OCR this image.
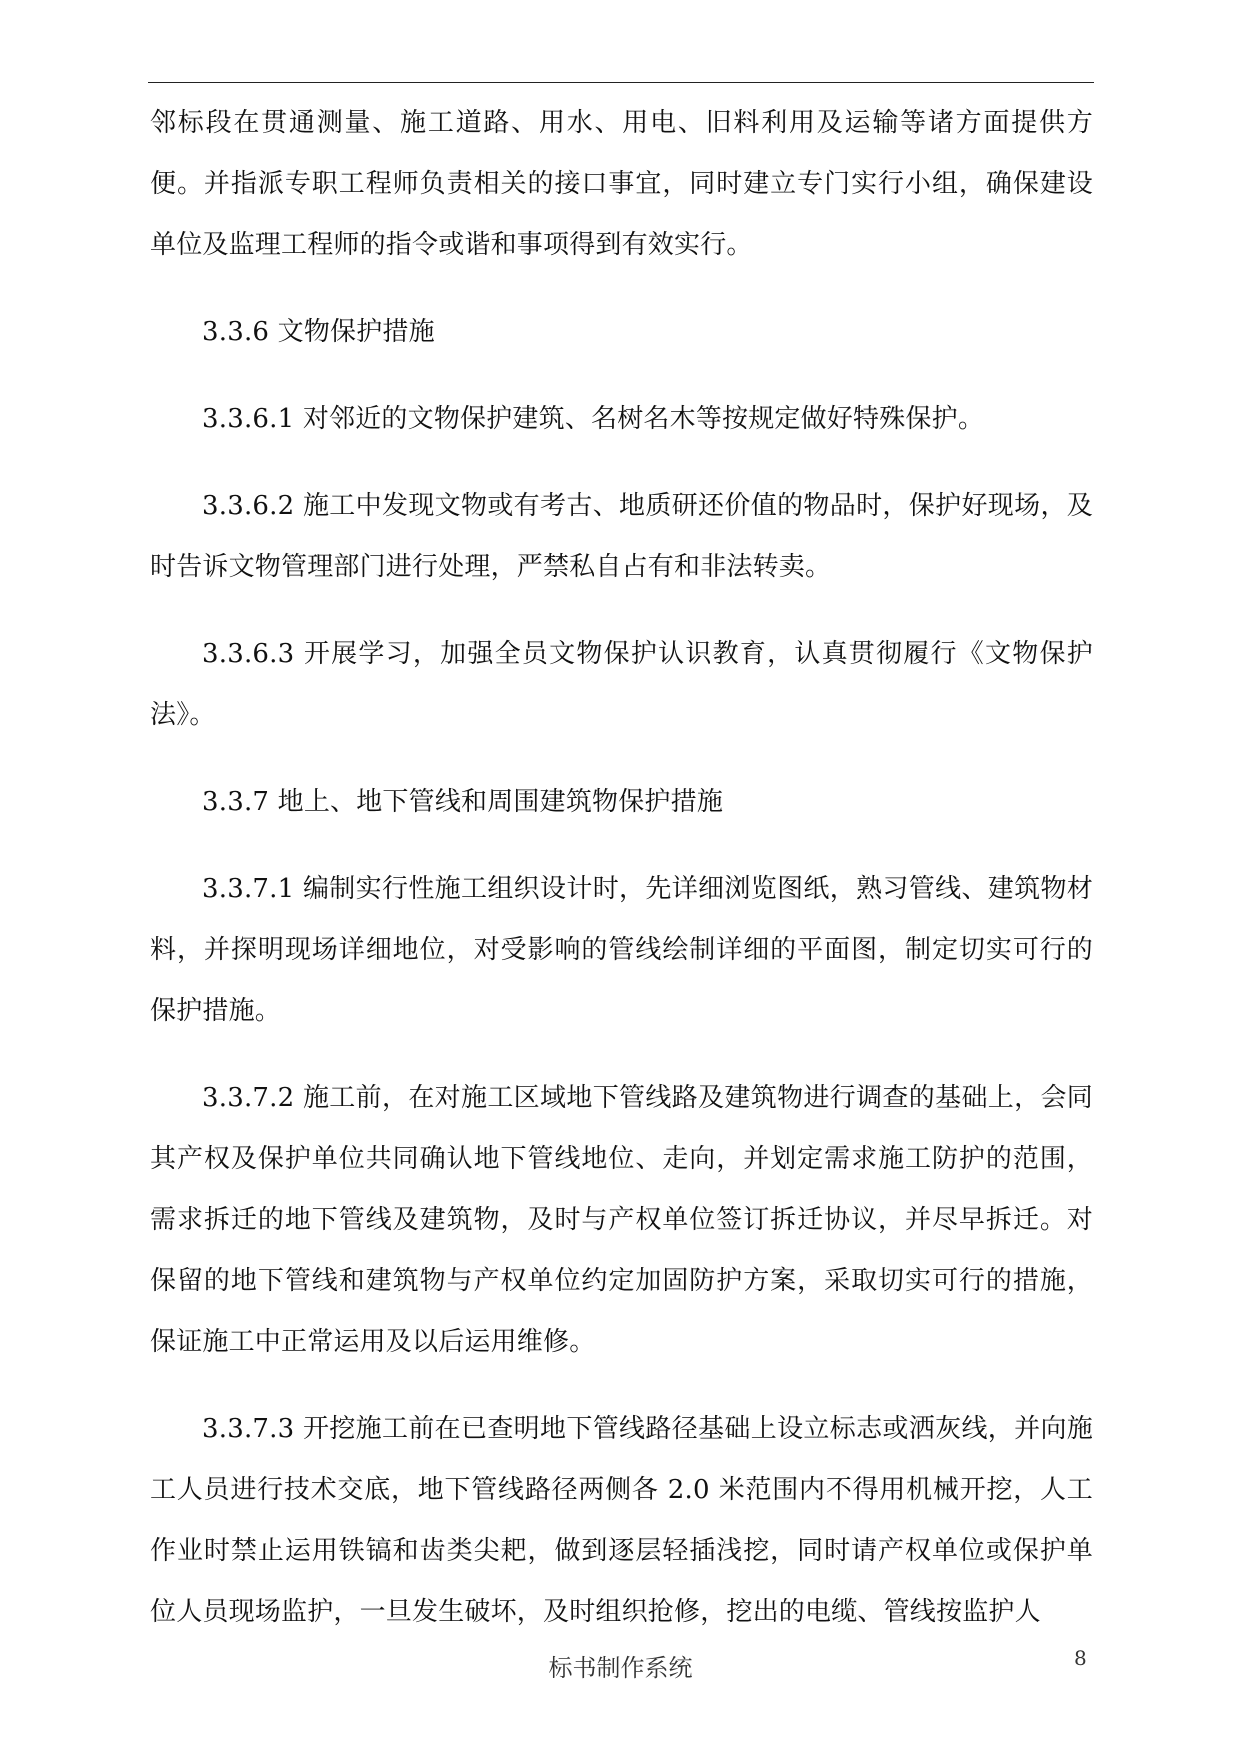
邻标段在贯通测量、施工道路、用水、用电、旧料利用及运输等诸方面提供方便。并指派专职工程师负责相关的接口事宜，同时建立专门实行小组，确保建设单位及监理工程师的指令或谐和事项得到有效实行。

3.3.6 文物保护措施

3.3.6.1 对邻近的文物保护建筑、名树名木等按规定做好特殊保护。

3.3.6.2 施工中发现文物或有考古、地质研还价值的物品时，保护好现场，及时告诉文物管理部门进行处理，严禁私自占有和非法转卖。

3.3.6.3 开展学习，加强全员文物保护认识教育，认真贯彻履行《文物保护法》。

3.3.7 地上、地下管线和周围建筑物保护措施

3.3.7.1 编制实行性施工组织设计时，先详细浏览图纸，熟习管线、建筑物材料，并探明现场详细地位，对受影响的管线绘制详细的平面图，制定切实可行的保护措施。

3.3.7.2 施工前，在对施工区域地下管线路及建筑物进行调查的基础上，会同其产权及保护单位共同确认地下管线地位、走向，并划定需求施工防护的范围，需求拆迁的地下管线及建筑物，及时与产权单位签订拆迁协议，并尽早拆迁。对保留的地下管线和建筑物与产权单位约定加固防护方案，采取切实可行的措施，保证施工中正常运用及以后运用维修。

3.3.7.3 开挖施工前在已查明地下管线路径基础上设立标志或洒灰线，并向施工人员进行技术交底，地下管线路径两侧各 2.0 米范围内不得用机械开挖，人工作业时禁止运用铁镐和齿类尖耙，做到逐层轻插浅挖，同时请产权单位或保护单位人员现场监护，一旦发生破坏，及时组织抢修，挖出的电缆、管线按监护人

标书制作系统	8
